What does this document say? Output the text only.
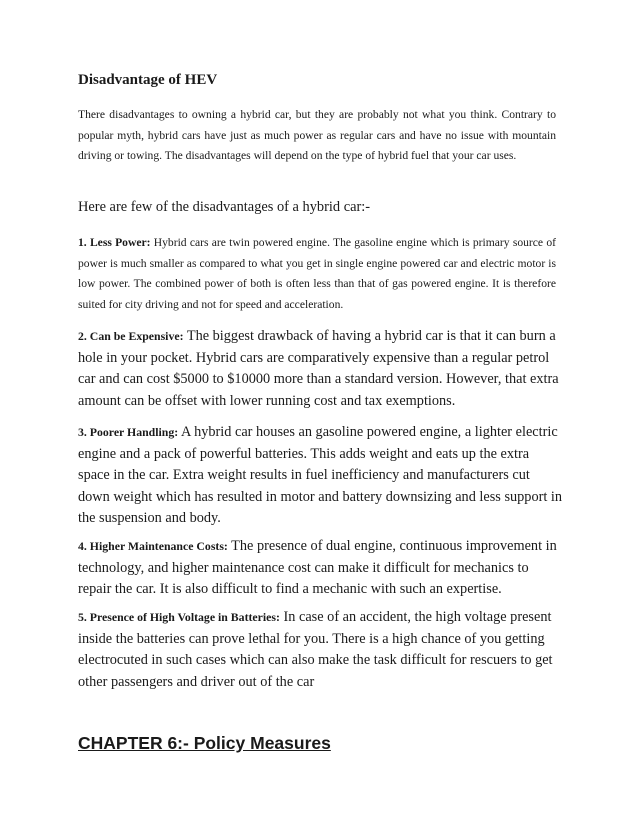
Disadvantage of HEV

There disadvantages to owning a hybrid car, but they are probably not what you think. Contrary to popular myth, hybrid cars have just as much power as regular cars and have no issue with mountain driving or towing. The disadvantages will depend on the type of hybrid fuel that your car uses.

Here are few of the disadvantages of a hybrid car:-

1. Less Power: Hybrid cars are twin powered engine. The gasoline engine which is primary source of power is much smaller as compared to what you get in single engine powered car and electric motor is low power. The combined power of both is often less than that of gas powered engine. It is therefore suited for city driving and not for speed and acceleration.

2. Can be Expensive: The biggest drawback of having a hybrid car is that it can burn a hole in your pocket. Hybrid cars are comparatively expensive than a regular petrol car and can cost $5000 to $10000 more than a standard version. However, that extra amount can be offset with lower running cost and tax exemptions.

3. Poorer Handling: A hybrid car houses an gasoline powered engine, a lighter electric engine and a pack of powerful batteries. This adds weight and eats up the extra space in the car. Extra weight results in fuel inefficiency and manufacturers cut down weight which has resulted in motor and battery downsizing and less support in the suspension and body.

4. Higher Maintenance Costs: The presence of dual engine, continuous improvement in technology, and higher maintenance cost can make it difficult for mechanics to repair the car. It is also difficult to find a mechanic with such an expertise.

5. Presence of High Voltage in Batteries: In case of an accident, the high voltage present inside the batteries can prove lethal for you. There is a high chance of you getting electrocuted in such cases which can also make the task difficult for rescuers to get other passengers and driver out of the car

CHAPTER 6:- Policy Measures
